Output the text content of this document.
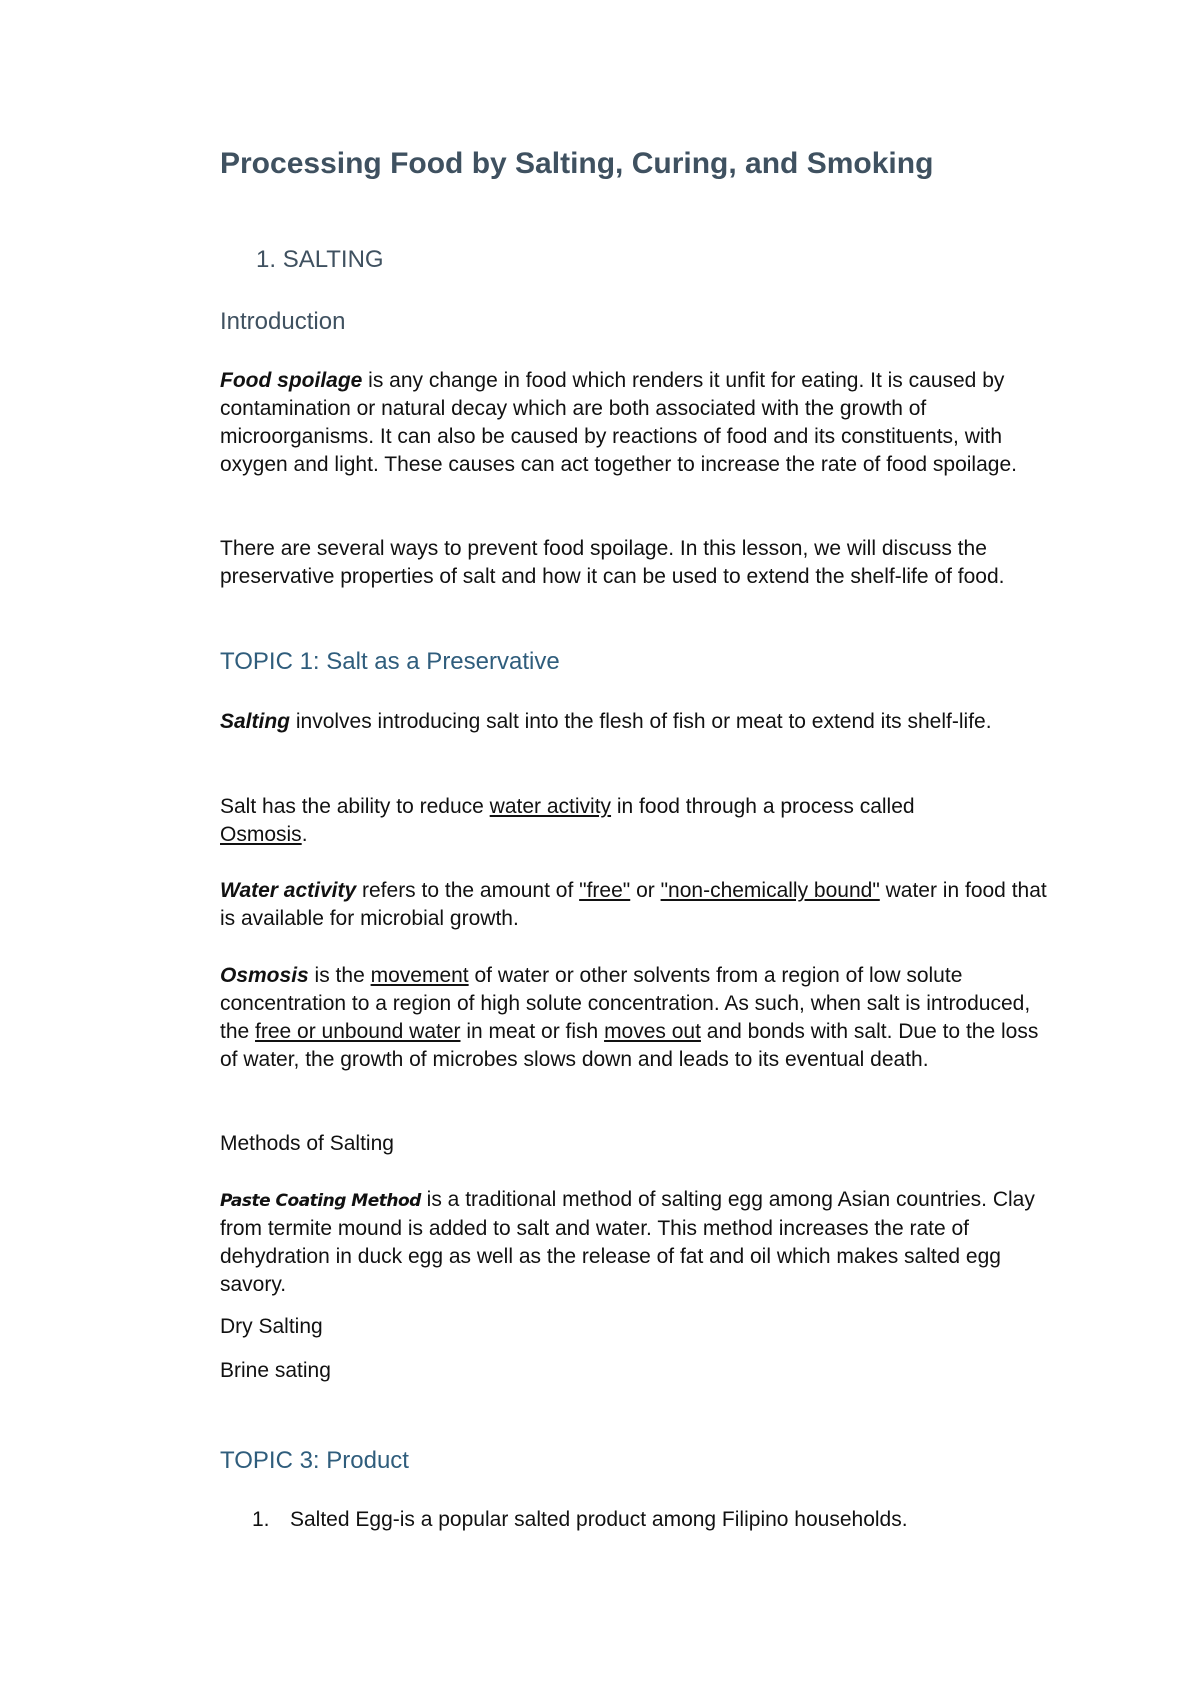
Processing Food by Salting, Curing, and Smoking
1. SALTING
Introduction

Food spoilage is any change in food which renders it unfit for eating. It is caused by contamination or natural decay which are both associated with the growth of microorganisms. It can also be caused by reactions of food and its constituents, with oxygen and light. These causes can act together to increase the rate of food spoilage.

There are several ways to prevent food spoilage. In this lesson, we will discuss the preservative properties of salt and how it can be used to extend the shelf-life of food.

TOPIC 1: Salt as a Preservative

Salting involves introducing salt into the flesh of fish or meat to extend its shelf-life.

Salt has the ability to reduce water activity in food through a process called Osmosis.

Water activity refers to the amount of "free" or "non-chemically bound" water in food that is available for microbial growth.

Osmosis is the movement of water or other solvents from a region of low solute concentration to a region of high solute concentration. As such, when salt is introduced, the free or unbound water in meat or fish moves out and bonds with salt. Due to the loss of water, the growth of microbes slows down and leads to its eventual death.

Methods of Salting

Paste Coating Method is a traditional method of salting egg among Asian countries. Clay from termite mound is added to salt and water. This method increases the rate of dehydration in duck egg as well as the release of fat and oil which makes salted egg savory.

Dry Salting
Brine sating
TOPIC 3: Product
1. Salted Egg-is a popular salted product among Filipino households.
